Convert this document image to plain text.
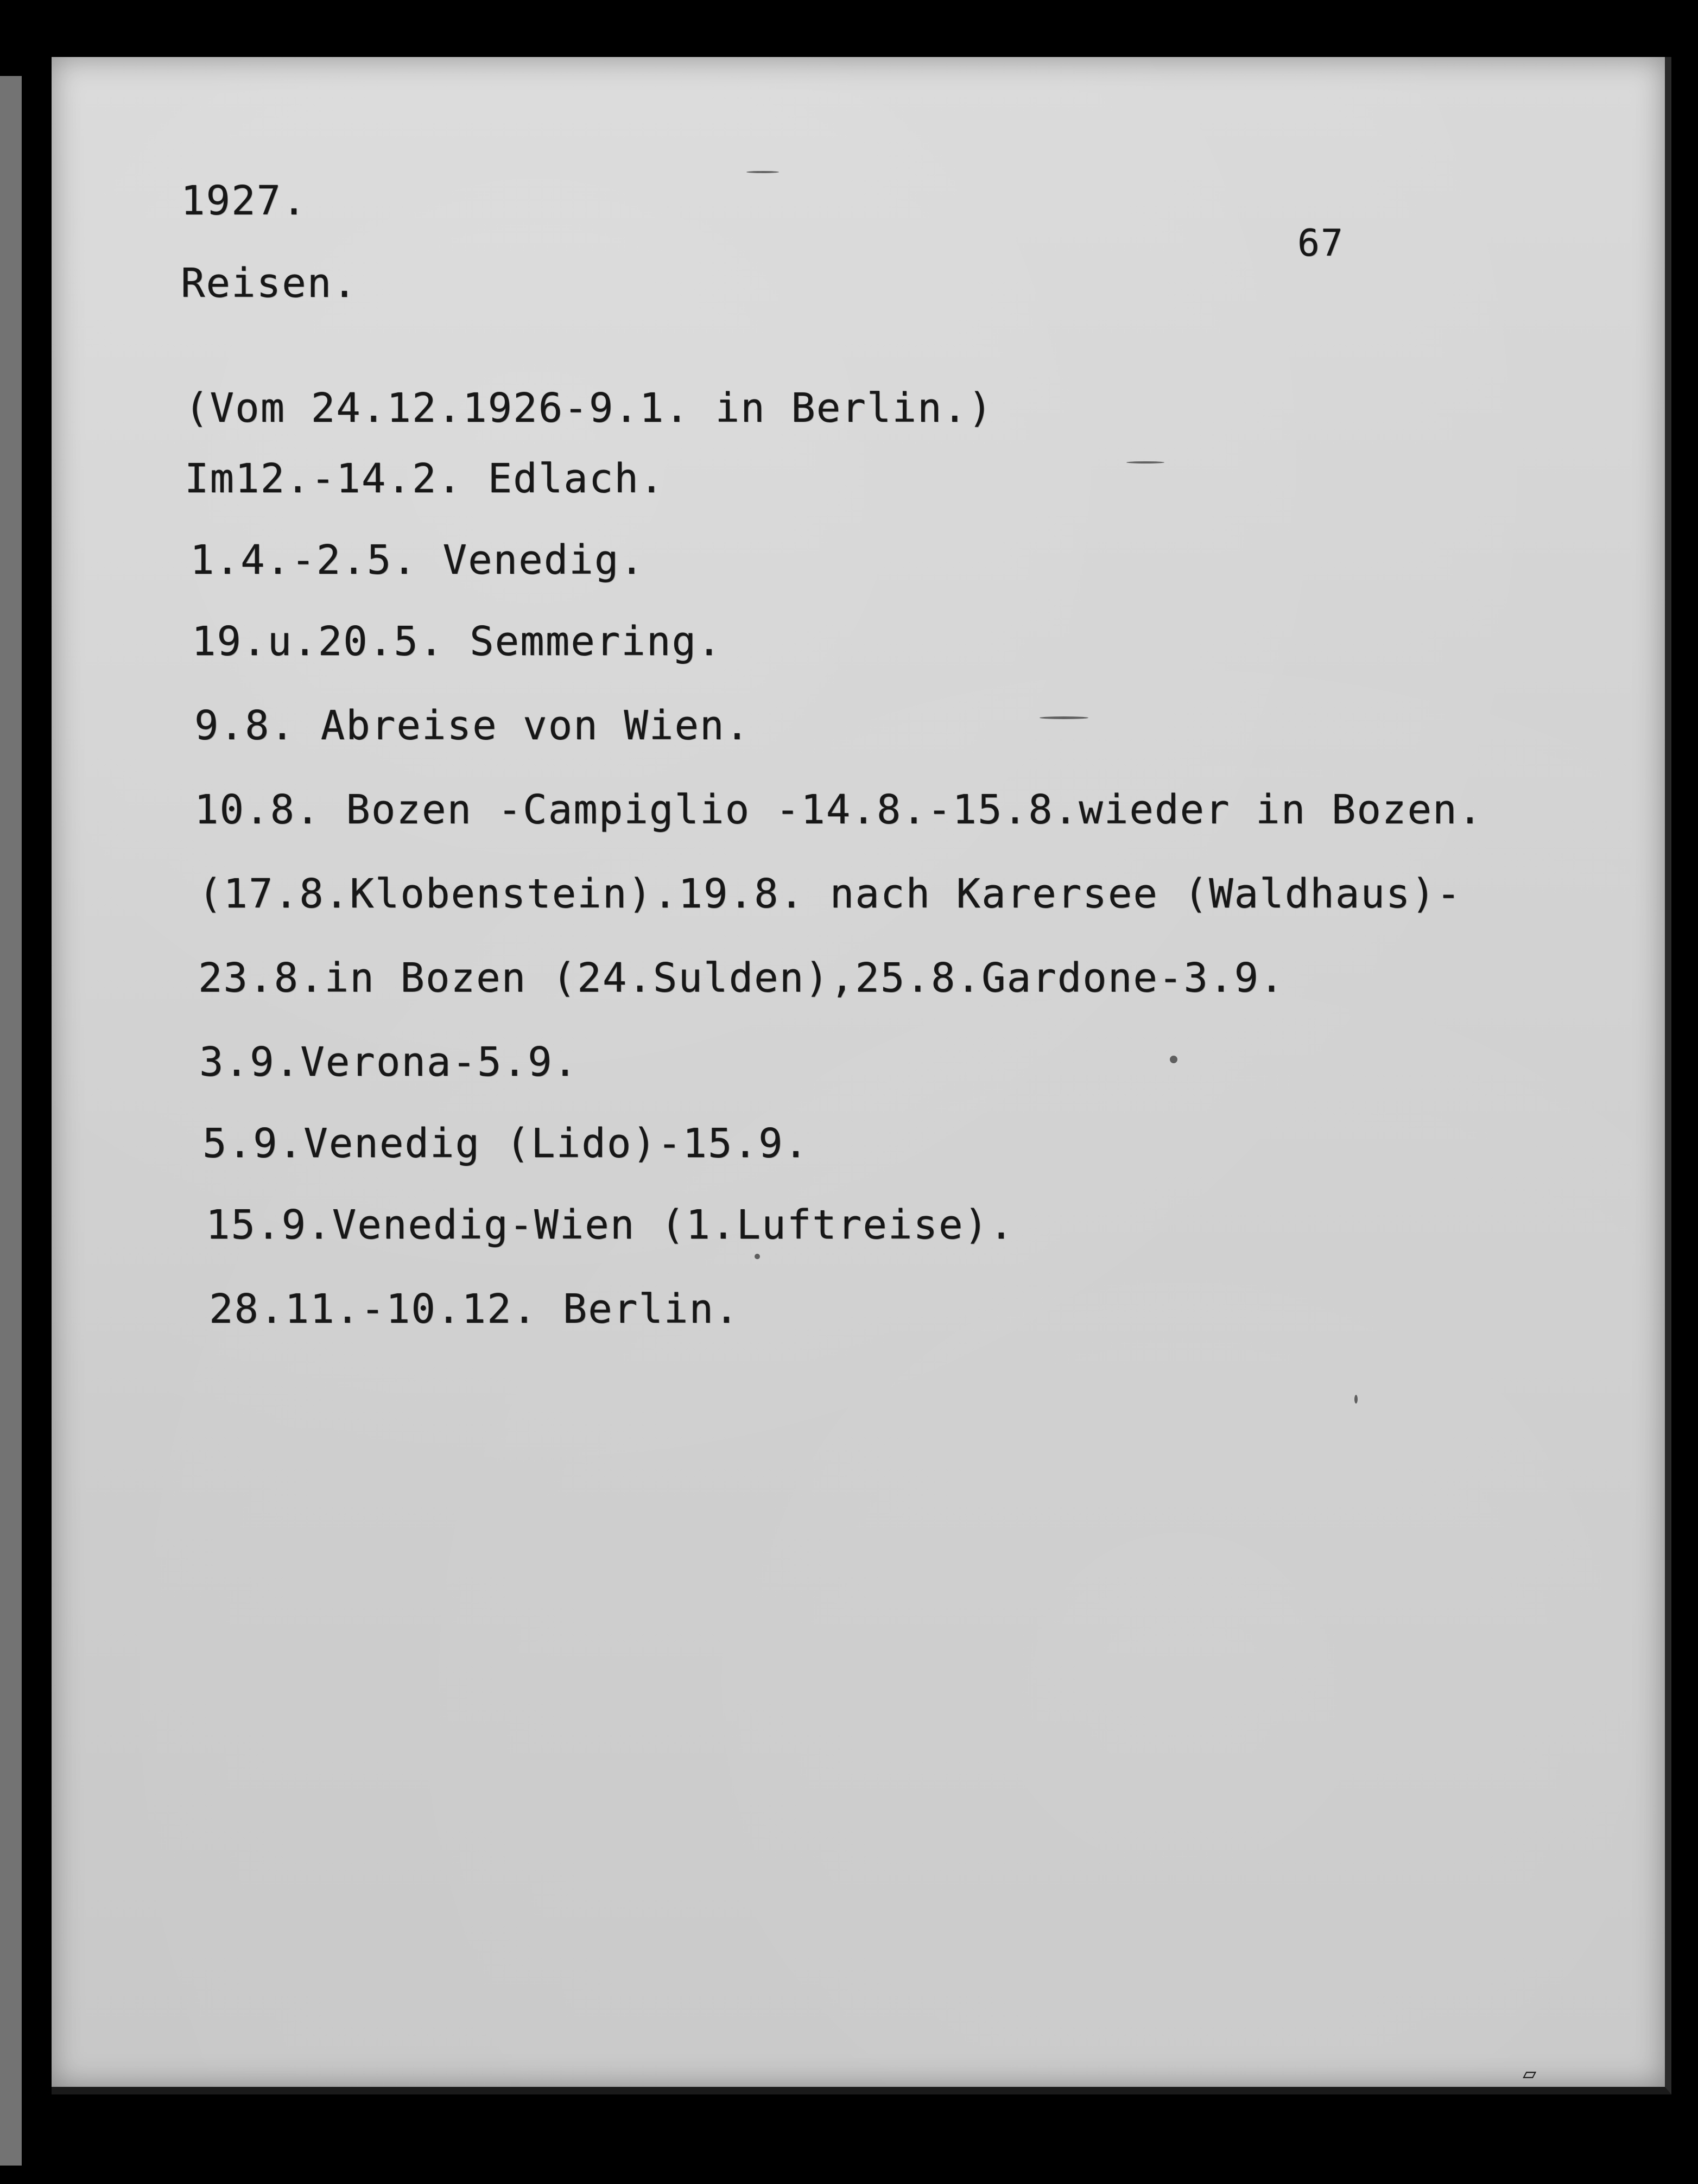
1927.
67
Reisen.
(Vom 24.12.1926-9.1. in Berlin.)
Im12.-14.2. Edlach.
1.4.-2.5. Venedig.
19.u.20.5. Semmering.
9.8. Abreise von Wien.
10.8. Bozen -Campiglio -14.8.-15.8.wieder in Bozen.
(17.8.Klobenstein).19.8. nach Karersee (Waldhaus)-
23.8.in Bozen (24.Sulden),25.8.Gardone-3.9.
3.9.Verona-5.9.
5.9.Venedig (Lido)-15.9.
15.9.Venedig-Wien (1.Luftreise).
28.11.-10.12. Berlin.
▱
